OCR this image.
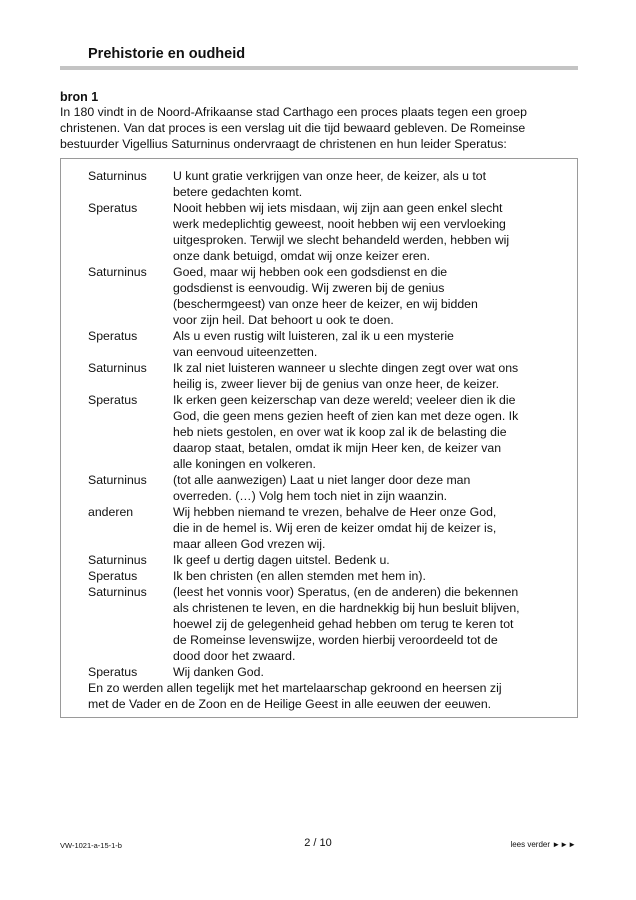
Prehistorie en oudheid
bron 1
In 180 vindt in de Noord-Afrikaanse stad Carthago een proces plaats tegen een groep
christenen. Van dat proces is een verslag uit die tijd bewaard gebleven. De Romeinse
bestuurder Vigellius Saturninus ondervraagt de christenen en hun leider Speratus:
Saturninus	U kunt gratie verkrijgen van onze heer, de keizer, als u tot
betere gedachten komt.
Speratus	Nooit hebben wij iets misdaan, wij zijn aan geen enkel slecht
werk medeplichtig geweest, nooit hebben wij een vervloeking
uitgesproken. Terwijl we slecht behandeld werden, hebben wij
onze dank betuigd, omdat wij onze keizer eren.
Saturninus	Goed, maar wij hebben ook een godsdienst en die
godsdienst is eenvoudig. Wij zweren bij de genius
(beschermgeest) van onze heer de keizer, en wij bidden
voor zijn heil. Dat behoort u ook te doen.
Speratus	Als u even rustig wilt luisteren, zal ik u een mysterie
van eenvoud uiteenzetten.
Saturninus	Ik zal niet luisteren wanneer u slechte dingen zegt over wat ons
heilig is, zweer liever bij de genius van onze heer, de keizer.
Speratus	Ik erken geen keizerschap van deze wereld; veeleer dien ik die
God, die geen mens gezien heeft of zien kan met deze ogen. Ik
heb niets gestolen, en over wat ik koop zal ik de belasting die
daarop staat, betalen, omdat ik mijn Heer ken, de keizer van
alle koningen en volkeren.
Saturninus	(tot alle aanwezigen) Laat u niet langer door deze man
overreden. (…) Volg hem toch niet in zijn waanzin.
anderen	Wij hebben niemand te vrezen, behalve de Heer onze God,
die in de hemel is. Wij eren de keizer omdat hij de keizer is,
maar alleen God vrezen wij.
Saturninus	Ik geef u dertig dagen uitstel. Bedenk u.
Speratus	Ik ben christen (en allen stemden met hem in).
Saturninus	(leest het vonnis voor) Speratus, (en de anderen) die bekennen
als christenen te leven, en die hardnekkig bij hun besluit blijven,
hoewel zij de gelegenheid gehad hebben om terug te keren tot
de Romeinse levenswijze, worden hierbij veroordeeld tot de
dood door het zwaard.
Speratus	Wij danken God.
En zo werden allen tegelijk met het martelaarschap gekroond en heersen zij
met de Vader en de Zoon en de Heilige Geest in alle eeuwen der eeuwen.
VW-1021-a-15-1-b	2 / 10	lees verder ►►►
